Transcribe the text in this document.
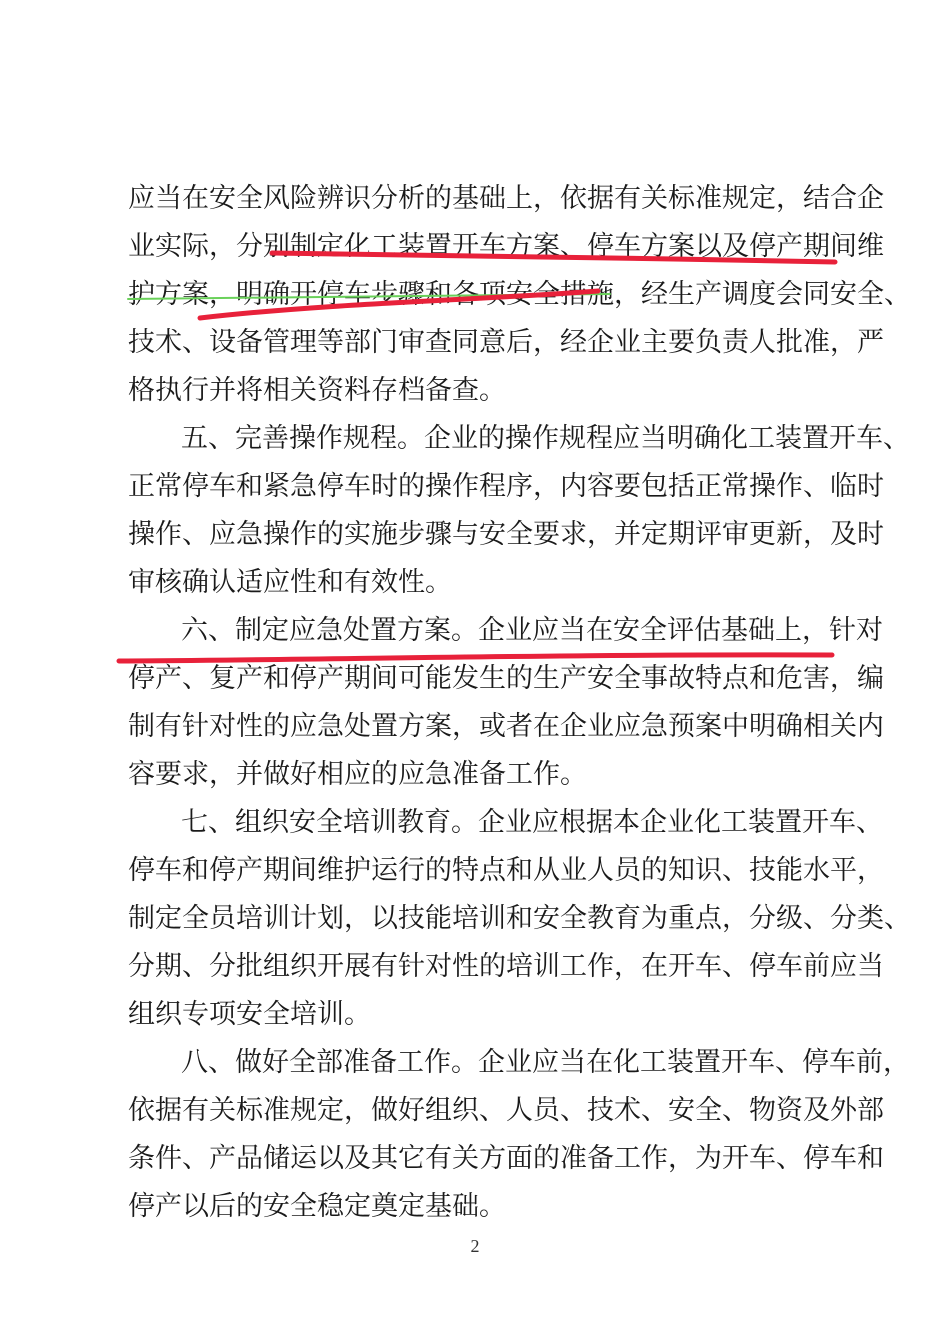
应当在安全风险辨识分析的基础上，依据有关标准规定，结合企
业实际，分别制定化工装置开车方案、停车方案以及停产期间维
护方案，明确开停车步骤和各项安全措施，经生产调度会同安全、
技术、设备管理等部门审查同意后，经企业主要负责人批准，严
格执行并将相关资料存档备查。
五、完善操作规程。企业的操作规程应当明确化工装置开车、
正常停车和紧急停车时的操作程序，内容要包括正常操作、临时
操作、应急操作的实施步骤与安全要求，并定期评审更新，及时
审核确认适应性和有效性。
六、制定应急处置方案。企业应当在安全评估基础上，针对
停产、复产和停产期间可能发生的生产安全事故特点和危害，编
制有针对性的应急处置方案，或者在企业应急预案中明确相关内
容要求，并做好相应的应急准备工作。
七、组织安全培训教育。企业应根据本企业化工装置开车、
停车和停产期间维护运行的特点和从业人员的知识、技能水平，
制定全员培训计划，以技能培训和安全教育为重点，分级、分类、
分期、分批组织开展有针对性的培训工作，在开车、停车前应当
组织专项安全培训。
八、做好全部准备工作。企业应当在化工装置开车、停车前，
依据有关标准规定，做好组织、人员、技术、安全、物资及外部
条件、产品储运以及其它有关方面的准备工作，为开车、停车和
停产以后的安全稳定奠定基础。
2
